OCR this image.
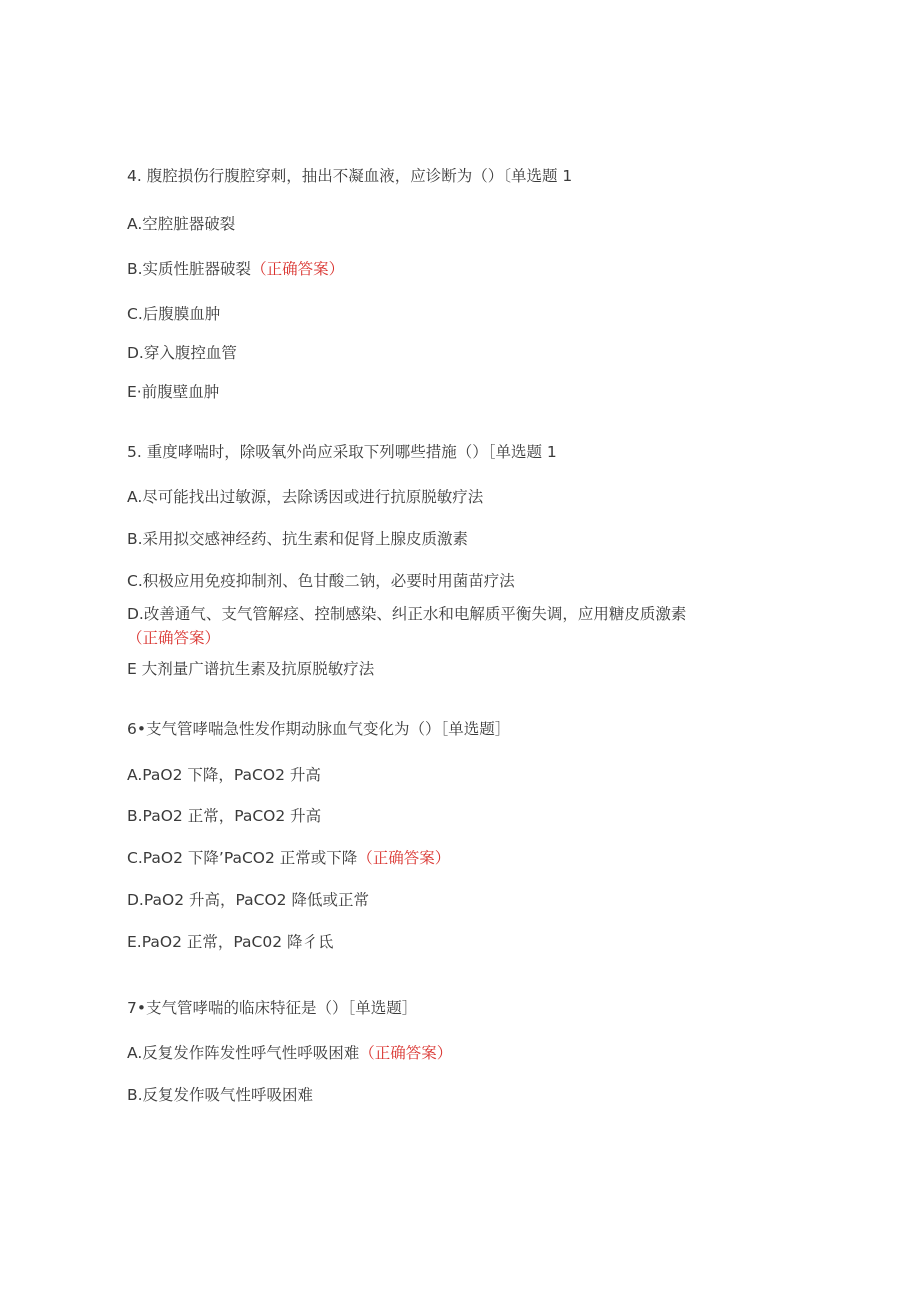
4. 腹腔损伤行腹腔穿刺，抽出不凝血液，应诊断为（）〔单选题 1
A.空腔脏器破裂
B.实质性脏器破裂（正确答案）
C.后腹膜血肿
D.穿入腹控血管
E·前腹壁血肿
5. 重度哮喘时，除吸氧外尚应采取下列哪些措施（）［单选题 1
A.尽可能找出过敏源，去除诱因或进行抗原脱敏疗法
B.采用拟交感神经药、抗生素和促肾上腺皮质激素
C.积极应用免疫抑制剂、色甘酸二钠，必要时用菌苗疗法
D.改善通气、支气管解痉、控制感染、纠正水和电解质平衡失调，应用糖皮质激素（正确答案）
E 大剂量广谱抗生素及抗原脱敏疗法
6•支气管哮喘急性发作期动脉血气变化为（）［单选题］
A.PaO2 下降，PaCO2 升高
B.PaO2 正常，PaCO2 升高
C.PaO2 下降’PaCO2 正常或下降（正确答案）
D.PaO2 升高，PaCO2 降低或正常
E.PaO2 正常，PaC02 降彳氐
7•支气管哮喘的临床特征是（）［单选题］
A.反复发作阵发性呼气性呼吸困难（正确答案）
B.反复发作吸气性呼吸困难
